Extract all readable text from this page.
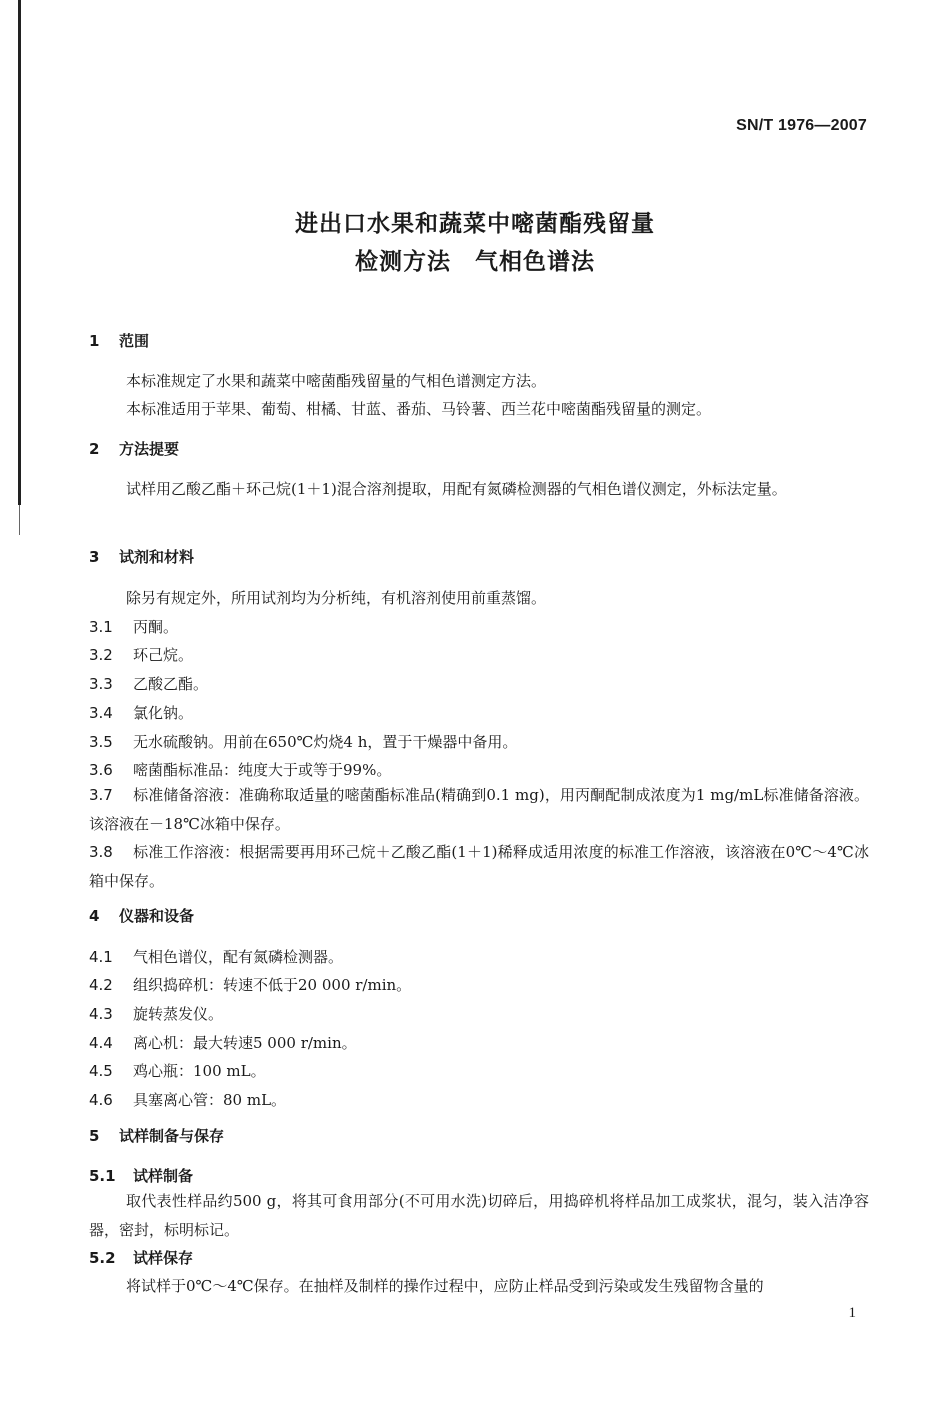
SN/T 1976—2007
进出口水果和蔬菜中嘧菌酯残留量
检测方法　气相色谱法
1 范围
本标准规定了水果和蔬菜中嘧菌酯残留量的气相色谱测定方法。
本标准适用于苹果、葡萄、柑橘、甘蓝、番茄、马铃薯、西兰花中嘧菌酯残留量的测定。
2 方法提要
试样用乙酸乙酯＋环己烷(1＋1)混合溶剂提取，用配有氮磷检测器的气相色谱仪测定，外标法定量。
3 试剂和材料
除另有规定外，所用试剂均为分析纯，有机溶剂使用前重蒸馏。
3.1 丙酮。
3.2 环己烷。
3.3 乙酸乙酯。
3.4 氯化钠。
3.5 无水硫酸钠。用前在650℃灼烧4 h，置于干燥器中备用。
3.6 嘧菌酯标准品：纯度大于或等于99%。
3.7 标准储备溶液：准确称取适量的嘧菌酯标准品(精确到0.1 mg)，用丙酮配制成浓度为1 mg/mL标准储备溶液。该溶液在－18℃冰箱中保存。
3.8 标准工作溶液：根据需要再用环己烷＋乙酸乙酯(1＋1)稀释成适用浓度的标准工作溶液，该溶液在0℃～4℃冰箱中保存。
4 仪器和设备
4.1 气相色谱仪，配有氮磷检测器。
4.2 组织捣碎机：转速不低于20 000 r/min。
4.3 旋转蒸发仪。
4.4 离心机：最大转速5 000 r/min。
4.5 鸡心瓶：100 mL。
4.6 具塞离心管：80 mL。
5 试样制备与保存
5.1 试样制备
取代表性样品约500 g，将其可食用部分(不可用水洗)切碎后，用捣碎机将样品加工成浆状，混匀，装入洁净容器，密封，标明标记。
5.2 试样保存
将试样于0℃～4℃保存。在抽样及制样的操作过程中，应防止样品受到污染或发生残留物含量的
1
